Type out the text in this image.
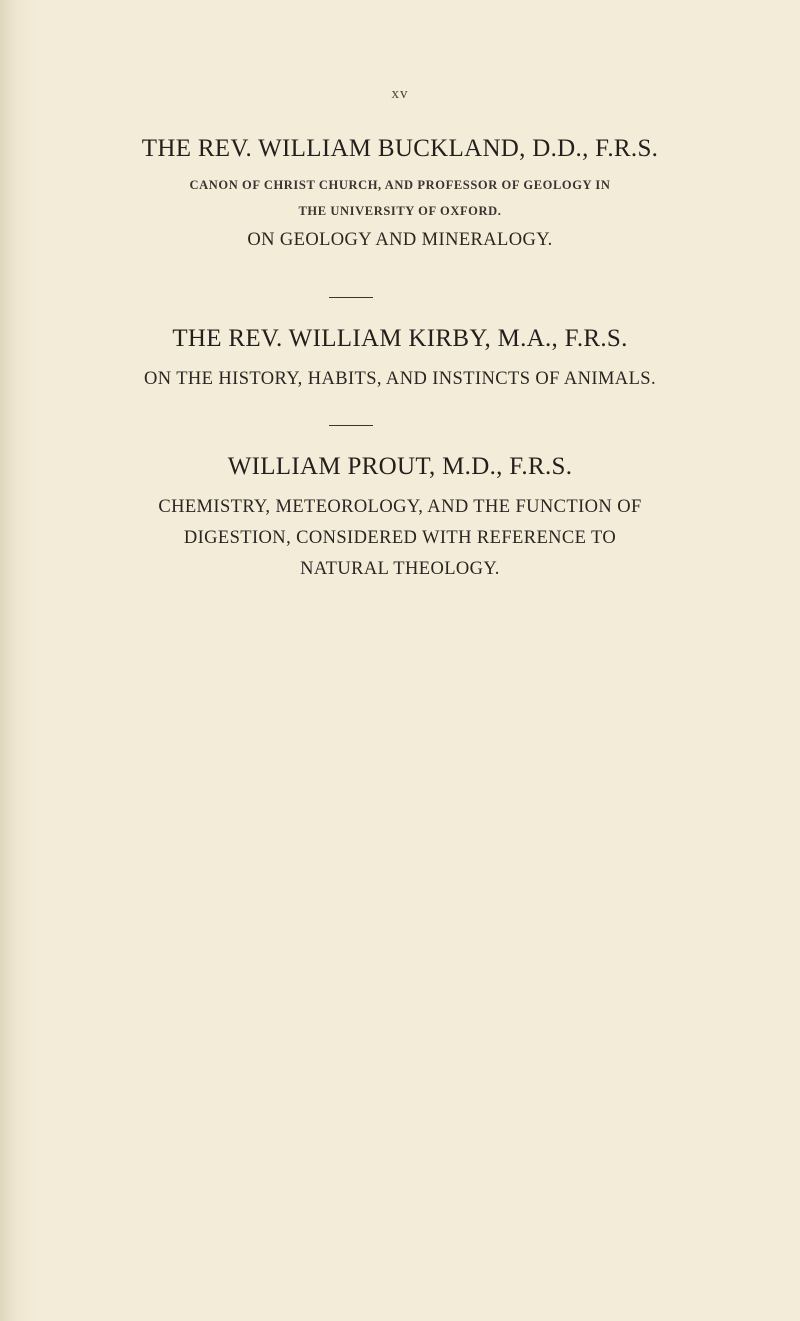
xv
THE REV. WILLIAM BUCKLAND, D.D., F.R.S.
CANON OF CHRIST CHURCH, AND PROFESSOR OF GEOLOGY IN
THE UNIVERSITY OF OXFORD.
ON GEOLOGY AND MINERALOGY.
THE REV. WILLIAM KIRBY, M.A., F.R.S.
ON THE HISTORY, HABITS, AND INSTINCTS OF ANIMALS.
WILLIAM PROUT, M.D., F.R.S.
CHEMISTRY, METEOROLOGY, AND THE FUNCTION OF
DIGESTION, CONSIDERED WITH REFERENCE TO
NATURAL THEOLOGY.
